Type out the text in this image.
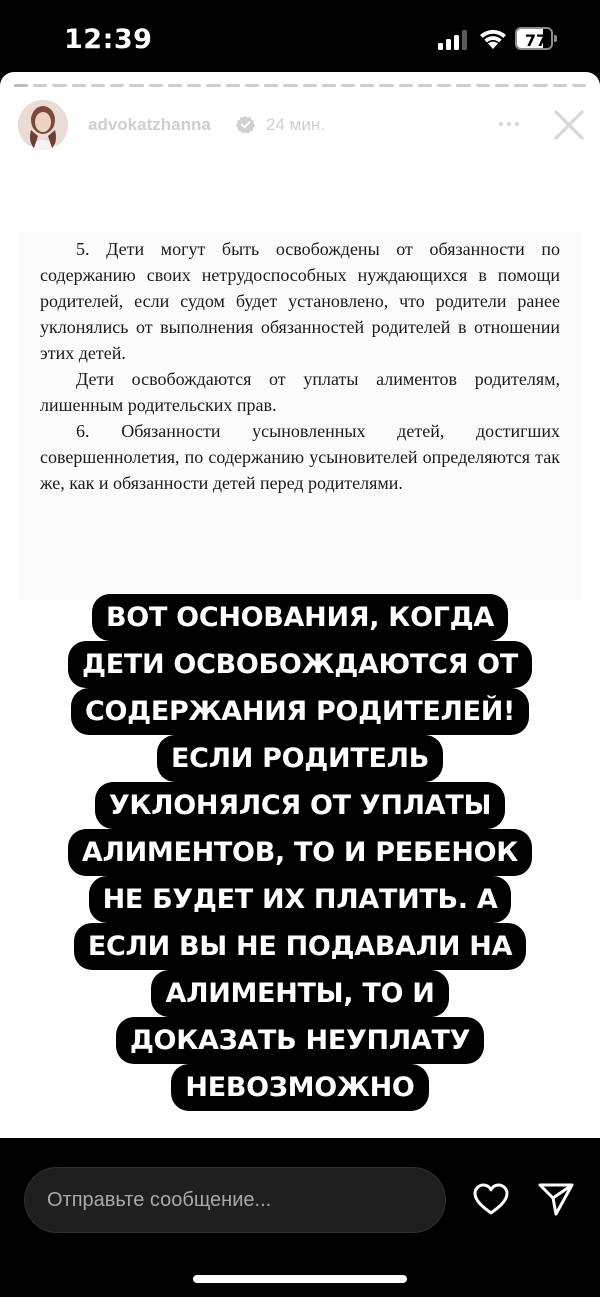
12:39	77
advokatzhanna	24 мин.

5. Дети могут быть освобождены от обязанности по содержанию своих нетрудоспособных нуждающихся в помощи родителей, если судом будет установлено, что родители ранее уклонялись от выполнения обязанностей родителей в отношении этих детей.

Дети освобождаются от уплаты алиментов родителям, лишенным родительских прав.

6. Обязанности усыновленных детей, достигших совершеннолетия, по содержанию усыновителей определяются так же, как и обязанности детей перед родителями.

ВОТ ОСНОВАНИЯ, КОГДА
ДЕТИ ОСВОБОЖДАЮТСЯ ОТ
СОДЕРЖАНИЯ РОДИТЕЛЕЙ!
ЕСЛИ РОДИТЕЛЬ
УКЛОНЯЛСЯ ОТ УПЛАТЫ
АЛИМЕНТОВ, ТО И РЕБЕНОК
НЕ БУДЕТ ИХ ПЛАТИТЬ. А
ЕСЛИ ВЫ НЕ ПОДАВАЛИ НА
АЛИМЕНТЫ, ТО И
ДОКАЗАТЬ НЕУПЛАТУ
НЕВОЗМОЖНО
Отправьте сообщение...
